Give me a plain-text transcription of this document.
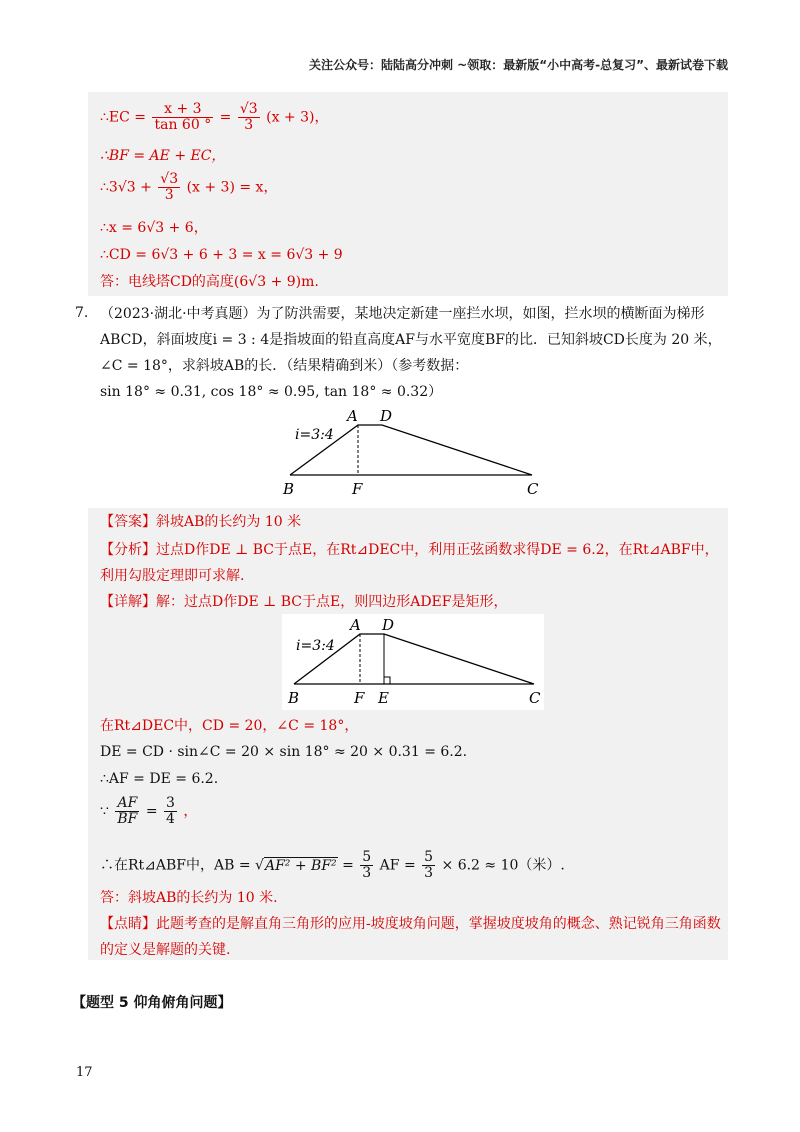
关注公众号：陆陆高分冲刺 ~领取：最新版“小中高考-总复习”、最新试卷下载
∴EC = $\frac{x + 3}{\tan 60 ^\circ} = \frac{√3}{3} (x + 3)$，
∴BF = AE + EC，
∴3√3 + $\frac{√3}{3} (x + 3) = x$，
∴x = 6√3 + 6，
∴CD = 6√3 + 6 + 3 = x = 6√3 + 9
答：电线塔CD的高度(6√3 + 9)m.
7. （2023·湖北·中考真题）为了防洪需要，某地决定新建一座拦水坝，如图，拦水坝的横断面为梯形
ABCD，斜面坡度i = 3 : 4是指坡面的铅直高度AF与水平宽度BF的比．已知斜坡CD长度为 20 米，
∠C = 18°，求斜坡AB的长．（结果精确到米）（参考数据：
sin 18° ≈ 0.31, cos 18° ≈ 0.95, tan 18° ≈ 0.32）
i=3:4
A D
B	F	C
【答案】斜坡AB的长约为 10 米
【分析】过点D作DE ⊥ BC于点E，在Rt⊿DEC中，利用正弦函数求得DE = 6.2，在Rt⊿ABF中，
利用勾股定理即可求解.
【详解】解：过点D作DE ⊥ BC于点E，则四边形ADEF是矩形，
i=3:4
A D
B	F E	C
在Rt⊿DEC中，CD = 20，∠C = 18°，
DE = CD · sin∠C = 20 × sin 18° ≈ 20 × 0.31 = 6.2.
∴AF = DE = 6.2.
∵ $\frac{AF}{BF} = \frac{3}{4}$ ，
∴在Rt⊿ABF中，AB = $√AF^2 + BF^2 = \frac{5}{3}$ AF = $\frac{5}{3} \times 6.2 \approx 10$（米）.
答：斜坡AB的长约为 10 米.
【点睛】此题考查的是解直角三角形的应用-坡度坡角问题，掌握坡度坡角的概念、熟记锐角三角函数
的定义是解题的关键.
【题型 5 仰角俯角问题】
17
